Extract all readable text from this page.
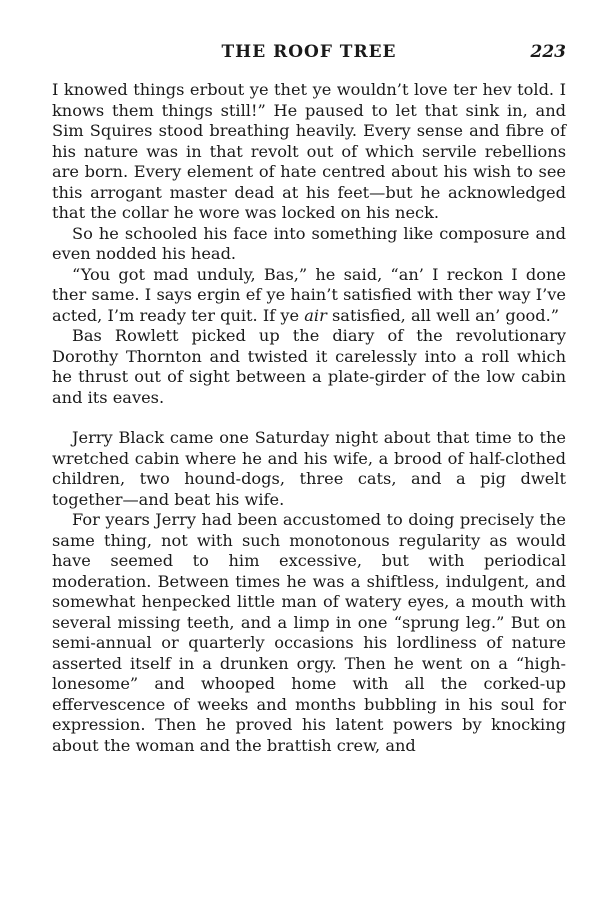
THE ROOF TREE	223

I knowed things erbout ye thet ye wouldn’t love ter hev told. I knows them things still!” He paused to let that sink in, and Sim Squires stood breathing heavily. Every sense and fibre of his nature was in that revolt out of which servile rebellions are born. Every element of hate centred about his wish to see this arrogant master dead at his feet—but he acknowledged that the collar he wore was locked on his neck.

So he schooled his face into something like composure and even nodded his head.

“You got mad unduly, Bas,” he said, “an’ I reckon I done ther same. I says ergin ef ye hain’t satisfied with ther way I’ve acted, I’m ready ter quit. If ye air satisfied, all well an’ good.”

Bas Rowlett picked up the diary of the revolutionary Dorothy Thornton and twisted it carelessly into a roll which he thrust out of sight between a plate-girder of the low cabin and its eaves.

Jerry Black came one Saturday night about that time to the wretched cabin where he and his wife, a brood of half-clothed children, two hound-dogs, three cats, and a pig dwelt together—and beat his wife.

For years Jerry had been accustomed to doing precisely the same thing, not with such monotonous regularity as would have seemed to him excessive, but with periodical moderation. Between times he was a shiftless, indulgent, and somewhat henpecked little man of watery eyes, a mouth with several missing teeth, and a limp in one “sprung leg.” But on semi-annual or quarterly occasions his lordliness of nature asserted itself in a drunken orgy. Then he went on a “high-lonesome” and whooped home with all the corked-up effervescence of weeks and months bubbling in his soul for expression. Then he proved his latent powers by knocking about the woman and the brattish crew, and
